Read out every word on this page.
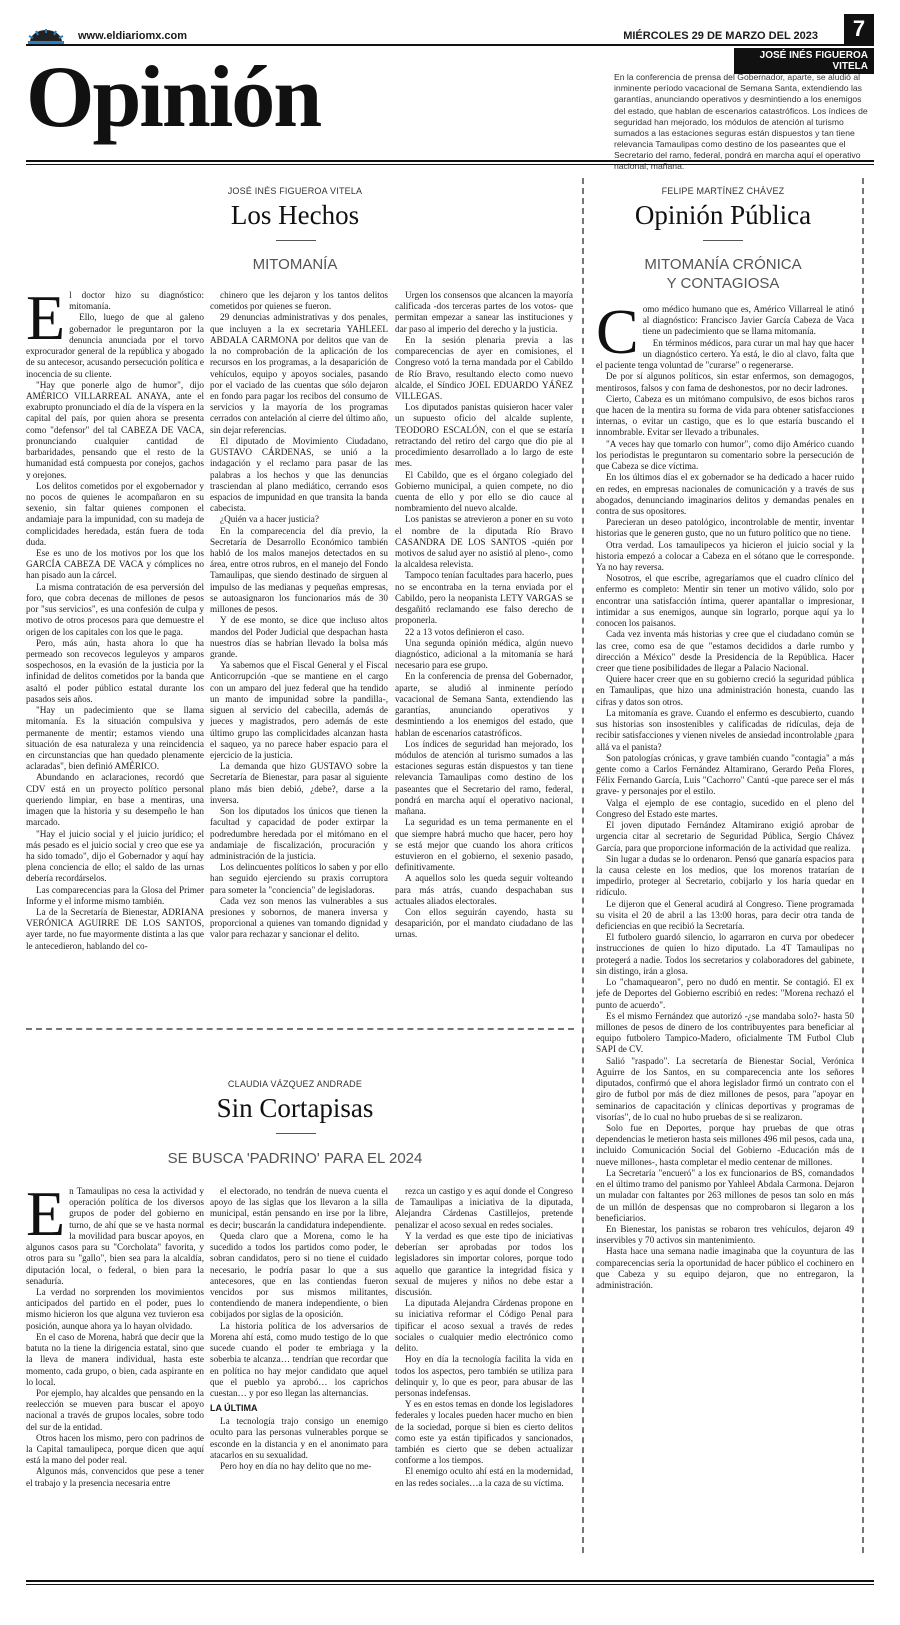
www.eldiariomx.com	MIÉRCOLES 29 DE MARZO DEL 2023	7
Opinión	JOSÉ INÉS FIGUEROA VITELA
En la conferencia de prensa del Gobernador, aparte, se aludió al inminente período vacacional de Semana Santa, extendiendo las garantías, anunciando operativos y desmintiendo a los enemigos del estado, que hablan de escenarios catastróficos. Los índices de seguridad han mejorado, los módulos de atención al turismo sumados a las estaciones seguras están dispuestos y tan tiene relevancia Tamaulipas como destino de los paseantes que el Secretario del ramo, federal, pondrá en marcha aquí el operativo nacional, mañana.
JOSÉ INÉS FIGUEROA VITELA
Los Hechos
MITOMANÍA
E l doctor hizo su diagnóstico: mitomanía.

Ello, luego de que al galeno gobernador le preguntaron por la denuncia anunciada por el torvo exprocurador general de la república y abogado de su antecesor, acusando persecución política e inocencia de su cliente.

"Hay que ponerle algo de humor", dijo AMÉRICO VILLARREAL ANAYA, ante el exabrupto pronunciado el día de la víspera en la capital del país, por quien ahora se presenta como "defensor" del tal CABEZA DE VACA, pronunciando cualquier cantidad de barbaridades, pensando que el resto de la humanidad está compuesta por conejos, gachos y orejones.

Los delitos cometidos por el exgobernador y no pocos de quienes le acompañaron en su sexenio, sin faltar quienes componen el andamiaje para la impunidad, con su madeja de complicidades heredada, están fuera de toda duda.

Ese es uno de los motivos por los que los GARCÍA CABEZA DE VACA y cómplices no han pisado aun la cárcel.

La misma contratación de esa perversión del foro, que cobra decenas de millones de pesos por "sus servicios", es una confesión de culpa y motivo de otros procesos para que demuestre el origen de los capitales con los que le paga.

Pero, más aún, hasta ahora lo que ha permeado son recovecos leguleyos y amparos sospechosos, en la evasión de la justicia por la infinidad de delitos cometidos por la banda que asaltó el poder público estatal durante los pasados seis años.

"Hay un padecimiento que se llama mitomanía. Es la situación compulsiva y permanente de mentir; estamos viendo una situación de esa naturaleza y una reincidencia en circunstancias que han quedado plenamente aclaradas", bien definió AMÉRICO.

Abundando en aclaraciones, recordó que CDV está en un proyecto político personal queriendo limpiar, en base a mentiras, una imagen que la historia y su desempeño le han marcado.

"Hay el juicio social y el juicio jurídico; el más pesado es el juicio social y creo que ese ya ha sido tomado", dijo el Gobernador y aquí hay plena conciencia de ello; el saldo de las urnas debería recordárselos.

Las comparecencias para la Glosa del Primer Informe y el informe mismo también.

La de la Secretaría de Bienestar, ADRIANA VERÓNICA AGUIRRE DE LOS SANTOS, ayer tarde, no fue mayormente distinta a las que le antecedieron, hablando del co-

chinero que les dejaron y los tantos delitos cometidos por quienes se fueron.

29 denuncias administrativas y dos penales, que incluyen a la ex secretaria YAHLEEL ABDALA CARMONA por delitos que van de la no comprobación de la aplicación de los recursos en los programas, a la desaparición de vehículos, equipo y apoyos sociales, pasando por el vaciado de las cuentas que sólo dejaron en fondo para pagar los recibos del consumo de servicios y la mayoría de los programas cerrados con antelación al cierre del último año, sin dejar referencias.

El diputado de Movimiento Ciudadano, GUSTAVO CÁRDENAS, se unió a la indagación y el reclamo para pasar de las palabras a los hechos y que las denuncias trasciendan al plano mediático, cerrando esos espacios de impunidad en que transita la banda cabecista.

¿Quién va a hacer justicia?

En la comparecencia del día previo, la Secretaría de Desarrollo Económico también habló de los malos manejos detectados en su área, entre otros rubros, en el manejo del Fondo Tamaulipas, que siendo destinado de sirguen al impulso de las medianas y pequeñas empresas, se autoasignaron los funcionarios más de 30 millones de pesos.

Y de ese monto, se dice que incluso altos mandos del Poder Judicial que despachan hasta nuestros días se habrían llevado la bolsa más grande.

Ya sabemos que el Fiscal General y el Fiscal Anticorrupción -que se mantiene en el cargo con un amparo del juez federal que ha tendido un manto de impunidad sobre la pandilla-, siguen al servicio del cabecilla, además de jueces y magistrados, pero además de este último grupo las complicidades alcanzan hasta el saqueo, ya no parece haber espacio para el ejercicio de la justicia.

La demanda que hizo GUSTAVO sobre la Secretaría de Bienestar, para pasar al siguiente plano más bien debió, ¿debe?, darse a la inversa.

Son los diputados los únicos que tienen la facultad y capacidad de poder extirpar la podredumbre heredada por el mitómano en el andamiaje de fiscalización, procuración y administración de la justicia.

Los delincuentes políticos lo saben y por ello han seguido ejerciendo su praxis corruptora para someter la "conciencia" de legisladoras.

Cada vez son menos las vulnerables a sus presiones y sobornos, de manera inversa y proporcional a quienes van tomando dignidad y valor para rechazar y sancionar el delito.

Urgen los consensos que alcancen la mayoría calificada -dos terceras partes de los votos- que permitan empezar a sanear las instituciones y dar paso al imperio del derecho y la justicia.

En la sesión plenaria previa a las comparecencias de ayer en comisiones, el Congreso votó la terna mandada por el Cabildo de Río Bravo, resultando electo como nuevo alcalde, el Síndico JOEL EDUARDO YÁÑEZ VILLEGAS.

Los diputados panistas quisieron hacer valer un supuesto oficio del alcalde suplente, TEODORO ESCALÓN, con el que se estaría retractando del retiro del cargo que dio pie al procedimiento desarrollado a lo largo de este mes.

El Cabildo, que es el órgano colegiado del Gobierno municipal, a quien compete, no dio cuenta de ello y por ello se dio cauce al nombramiento del nuevo alcalde.

Los panistas se atrevieron a poner en su voto el nombre de la diputada Río Bravo CASANDRA DE LOS SANTOS -quién por motivos de salud ayer no asistió al pleno-, como la alcaldesa relevista.

Tampoco tenían facultades para hacerlo, pues no se encontraba en la terna enviada por el Cabildo, pero la neopanista LETY VARGAS se desgañitó reclamando ese falso derecho de proponerla.

22 a 13 votos definieron el caso.

Una segunda opinión médica, algún nuevo diagnóstico, adicional a la mitomanía se hará necesario para ese grupo.

En la conferencia de prensa del Gobernador, aparte, se aludió al inminente período vacacional de Semana Santa, extendiendo las garantías, anunciando operativos y desmintiendo a los enemigos del estado, que hablan de escenarios catastróficos.

Los índices de seguridad han mejorado, los módulos de atención al turismo sumados a las estaciones seguras están dispuestos y tan tiene relevancia Tamaulipas como destino de los paseantes que el Secretario del ramo, federal, pondrá en marcha aquí el operativo nacional, mañana.

La seguridad es un tema permanente en el que siempre habrá mucho que hacer, pero hoy se está mejor que cuando los ahora críticos estuvieron en el gobierno, el sexenio pasado, definitivamente.

A aquellos solo les queda seguir volteando para más atrás, cuando despachaban sus actuales aliados electorales.

Con ellos seguirán cayendo, hasta su desaparición, por el mandato ciudadano de las urnas.

CLAUDIA VÁZQUEZ ANDRADE
Sin Cortapisas
SE BUSCA 'PADRINO' PARA EL 2024
E n Tamaulipas no cesa la actividad y operación política de los diversos grupos de poder del gobierno en turno, de ahí que se ve hasta normal la movilidad para buscar apoyos, en algunos casos para su "Corcholata" favorita, y otros para su "gallo", bien sea para la alcaldía, diputación local, o federal, o bien para la senaduría.

La verdad no sorprenden los movimientos anticipados del partido en el poder, pues lo mismo hicieron los que alguna vez tuvieron esa posición, aunque ahora ya lo hayan olvidado.

En el caso de Morena, habrá que decir que la batuta no la tiene la dirigencia estatal, sino que la lleva de manera individual, hasta este momento, cada grupo, o bien, cada aspirante en lo local.

Por ejemplo, hay alcaldes que pensando en la reelección se mueven para buscar el apoyo nacional a través de grupos locales, sobre todo del sur de la entidad.

Otros hacen los mismo, pero con padrinos de la Capital tamaulipeca, porque dicen que aquí está la mano del poder real.

Algunos más, convencidos que pese a tener el trabajo y la presencia necesaria entre

el electorado, no tendrán de nueva cuenta el apoyo de las siglas que los llevaron a la silla municipal, están pensando en irse por la libre, es decir; buscarán la candidatura independiente.

Queda claro que a Morena, como le ha sucedido a todos los partidos como poder, le sobran candidatos, pero si no tiene el cuidado necesario, le podría pasar lo que a sus antecesores, que en las contiendas fueron vencidos por sus mismos militantes, contendiendo de manera independiente, o bien cobijados por siglas de la oposición.

La historia política de los adversarios de Morena ahí está, como mudo testigo de lo que sucede cuando el poder te embriaga y la soberbia te alcanza… tendrían que recordar que en política no hay mejor candidato que aquel que el pueblo ya aprobó… los caprichos cuestan… y por eso llegan las alternancias.

LA ÚLTIMA

La tecnología trajo consigo un enemigo oculto para las personas vulnerables porque se esconde en la distancia y en el anonimato para atacarlos en su sexualidad.

Pero hoy en día no hay delito que no me-

rezca un castigo y es aquí donde el Congreso de Tamaulipas a iniciativa de la diputada, Alejandra Cárdenas Castillejos, pretende penalizar el acoso sexual en redes sociales.

Y la verdad es que este tipo de iniciativas deberían ser aprobadas por todos los legisladores sin importar colores, porque todo aquello que garantice la integridad física y sexual de mujeres y niños no debe estar a discusión.

La diputada Alejandra Cárdenas propone en su iniciativa reformar el Código Penal para tipificar el acoso sexual a través de redes sociales o cualquier medio electrónico como delito.

Hoy en día la tecnología facilita la vida en todos los aspectos, pero también se utiliza para delinquir y, lo que es peor, para abusar de las personas indefensas.

Y es en estos temas en donde los legisladores federales y locales pueden hacer mucho en bien de la sociedad, porque si bien es cierto delitos como este ya están tipificados y sancionados, también es cierto que se deben actualizar conforme a los tiempos.

El enemigo oculto ahí está en la modernidad, en las redes sociales…a la caza de su víctima.

FELIPE MARTÍNEZ CHÁVEZ
Opinión Pública
MITOMANÍA CRÓNICA
Y CONTAGIOSA
C omo médico humano que es, Américo Villarreal le atinó al diagnóstico: Francisco Javier García Cabeza de Vaca tiene un padecimiento que se llama mitomanía.

En términos médicos, para curar un mal hay que hacer un diagnóstico certero. Ya está, le dio al clavo, falta que el paciente tenga voluntad de "curarse" o regenerarse.

De por sí algunos políticos, sin estar enfermos, son demagogos, mentirosos, falsos y con fama de deshonestos, por no decir ladrones.

Cierto, Cabeza es un mitómano compulsivo, de esos bichos raros que hacen de la mentira su forma de vida para obtener satisfacciones internas, o evitar un castigo, que es lo que estaría buscando el innombrable. Evitar ser llevado a tribunales.

"A veces hay que tomarlo con humor", como dijo Américo cuando los periodistas le preguntaron su comentario sobre la persecución de que Cabeza se dice víctima.

En los últimos días el ex gobernador se ha dedicado a hacer ruido en redes, en empresas nacionales de comunicación y a través de sus abogados, denunciando imaginarios delitos y demandas penales en contra de sus opositores.

Parecieran un deseo patológico, incontrolable de mentir, inventar historias que le generen gusto, que no un futuro político que no tiene.

Otra verdad. Los tamaulipecos ya hicieron el juicio social y la historia empezó a colocar a Cabeza en el sótano que le corresponde. Ya no hay reversa.

Nosotros, el que escribe, agregaríamos que el cuadro clínico del enfermo es completo: Mentir sin tener un motivo válido, solo por encontrar una satisfacción íntima, querer apantallar o impresionar, intimidar a sus enemigos, aunque sin lograrlo, porque aquí ya lo conocen los paisanos.

Cada vez inventa más historias y cree que el ciudadano común se las cree, como esa de que "estamos decididos a darle rumbo y dirección a México" desde la Presidencia de la República. Hacer creer que tiene posibilidades de llegar a Palacio Nacional.

Quiere hacer creer que en su gobierno creció la seguridad pública en Tamaulipas, que hizo una administración honesta, cuando las cifras y datos son otros.

La mitomanía es grave. Cuando el enfermo es descubierto, cuando sus historias son insostenibles y calificadas de ridículas, deja de recibir satisfacciones y vienen niveles de ansiedad incontrolable ¿para allá va el panista?

Son patologías crónicas, y grave también cuando "contagia" a más gente como a Carlos Fernández Altamirano, Gerardo Peña Flores, Félix Fernando García, Luis "Cachorro" Cantú -que parece ser el más grave- y personajes por el estilo.

Valga el ejemplo de ese contagio, sucedido en el pleno del Congreso del Estado este martes.

El joven diputado Fernández Altamirano exigió aprobar de urgencia citar al secretario de Seguridad Pública, Sergio Chávez García, para que proporcione información de la actividad que realiza.

Sin lugar a dudas se lo ordenaron. Pensó que ganaría espacios para la causa celeste en los medios, que los morenos tratarían de impedirlo, proteger al Secretario, cobijarlo y los haría quedar en ridículo.

Le dijeron que el General acudirá al Congreso. Tiene programada su visita el 20 de abril a las 13:00 horas, para decir otra tanda de deficiencias en que recibió la Secretaría.

El futbolero guardó silencio, lo agarraron en curva por obedecer instrucciones de quien lo hizo diputado. La 4T Tamaulipas no protegerá a nadie. Todos los secretarios y colaboradores del gabinete, sin distingo, irán a glosa.

Lo "chamaquearon", pero no dudó en mentir. Se contagió. El ex jefe de Deportes del Gobierno escribió en redes: "Morena rechazó el punto de acuerdo".

Es el mismo Fernández que autorizó -¿se mandaba solo?- hasta 50 millones de pesos de dinero de los contribuyentes para beneficiar al equipo futbolero Tampico-Madero, oficialmente TM Futbol Club SAPI de CV.

Salió "raspado". La secretaría de Bienestar Social, Verónica Aguirre de los Santos, en su comparecencia ante los señores diputados, confirmó que el ahora legislador firmó un contrato con el giro de futbol por más de diez millones de pesos, para "apoyar en seminarios de capacitación y clínicas deportivas y programas de visorías", de lo cual no hubo pruebas de si se realizaron.

Solo fue en Deportes, porque hay pruebas de que otras dependencias le metieron hasta seis millones 496 mil pesos, cada una, incluido Comunicación Social del Gobierno -Educación más de nueve millones-, hasta completar el medio centenar de millones.

La Secretaría "encueró" a los ex funcionarios de BS, comandados en el último tramo del panismo por Yahleel Abdala Carmona. Dejaron un muladar con faltantes por 263 millones de pesos tan solo en más de un millón de despensas que no comprobaron si llegaron a los beneficiarios.

En Bienestar, los panistas se robaron tres vehículos, dejaron 49 inservibles y 70 activos sin mantenimiento.

Hasta hace una semana nadie imaginaba que la coyuntura de las comparecencias sería la oportunidad de hacer público el cochinero en que Cabeza y su equipo dejaron, que no entregaron, la administración.
